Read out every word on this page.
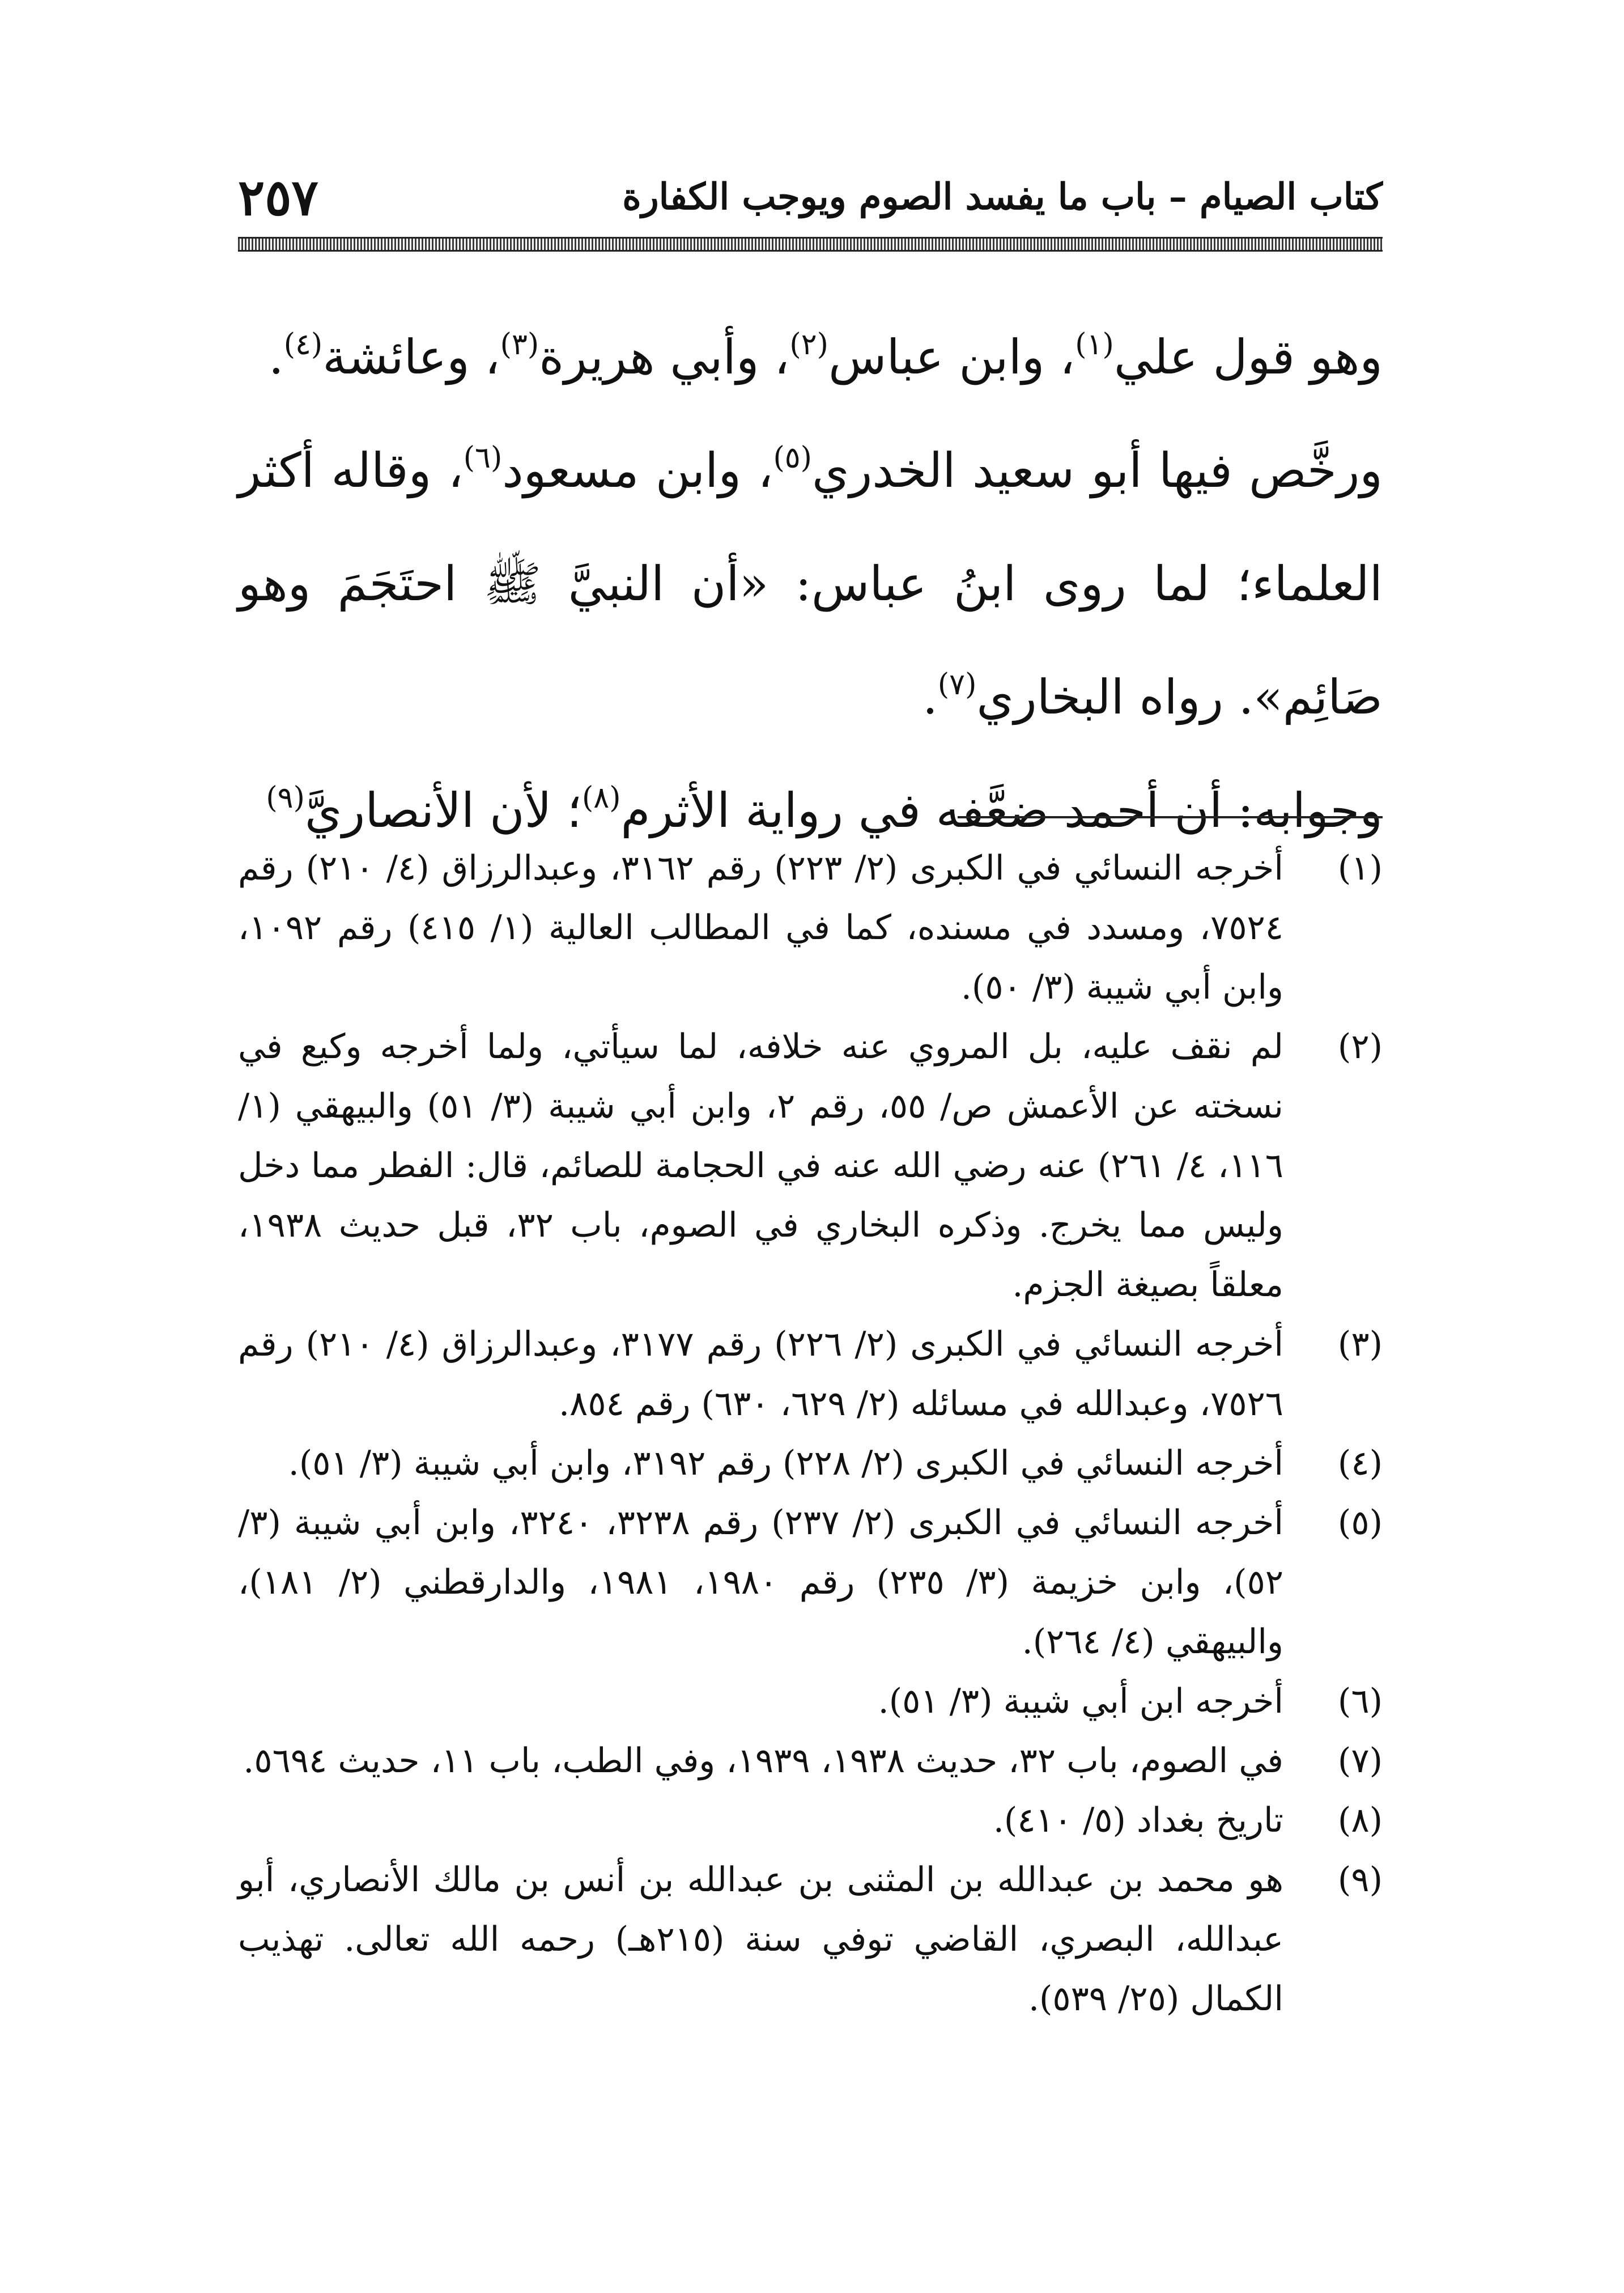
كتاب الصيام – باب ما يفسد الصوم ويوجب الكفارة
٢٥٧

وهو قول علي$^{(١)}$، وابن عباس$^{(٢)}$، وأبي هريرة$^{(٣)}$، وعائشة$^{(٤)}$.

ورخَّص فيها أبو سعيد الخدري$^{(٥)}$، وابن مسعود$^{(٦)}$، وقاله أكثر العلماء؛ لما روى ابنُ عباس: «أن النبيَّ ﷺ احتَجَمَ وهو صَائِم». رواه البخاري$^{(٧)}$.

وجوابه: أن أحمد ضعَّفه في رواية الأثرم$^{(٨)}$؛ لأن الأنصاريَّ$^{(٩)}$

(١)
أخرجه النسائي في الكبرى (٢/ ٢٢٣) رقم ٣١٦٢، وعبدالرزاق (٤/ ٢١٠) رقم ٧٥٢٤، ومسدد في مسنده، كما في المطالب العالية (١/ ٤١٥) رقم ١٠٩٢، وابن أبي شيبة (٣/ ٥٠).

(٢)
لم نقف عليه، بل المروي عنه خلافه، لما سيأتي، ولما أخرجه وكيع في نسخته عن الأعمش ص/ ٥٥، رقم ٢، وابن أبي شيبة (٣/ ٥١) والبيهقي (١/ ١١٦، ٤/ ٢٦١) عنه رضي الله عنه في الحجامة للصائم، قال: الفطر مما دخل وليس مما يخرج. وذكره البخاري في الصوم، باب ٣٢، قبل حديث ١٩٣٨، معلقاً بصيغة الجزم.

(٣)
أخرجه النسائي في الكبرى (٢/ ٢٢٦) رقم ٣١٧٧، وعبدالرزاق (٤/ ٢١٠) رقم ٧٥٢٦، وعبدالله في مسائله (٢/ ٦٢٩، ٦٣٠) رقم ٨٥٤.

(٤)
أخرجه النسائي في الكبرى (٢/ ٢٢٨) رقم ٣١٩٢، وابن أبي شيبة (٣/ ٥١).

(٥)
أخرجه النسائي في الكبرى (٢/ ٢٣٧) رقم ٣٢٣٨، ٣٢٤٠، وابن أبي شيبة (٣/ ٥٢)، وابن خزيمة (٣/ ٢٣٥) رقم ١٩٨٠، ١٩٨١، والدارقطني (٢/ ١٨١)، والبيهقي (٤/ ٢٦٤).

(٦)
أخرجه ابن أبي شيبة (٣/ ٥١).

(٧)
في الصوم، باب ٣٢، حديث ١٩٣٨، ١٩٣٩، وفي الطب، باب ١١، حديث ٥٦٩٤.

(٨)
تاريخ بغداد (٥/ ٤١٠).

(٩)
هو محمد بن عبدالله بن المثنى بن عبدالله بن أنس بن مالك الأنصاري، أبو عبدالله، البصري، القاضي توفي سنة (٢١٥هـ) رحمه الله تعالى. تهذيب الكمال (٢٥/ ٥٣٩).
